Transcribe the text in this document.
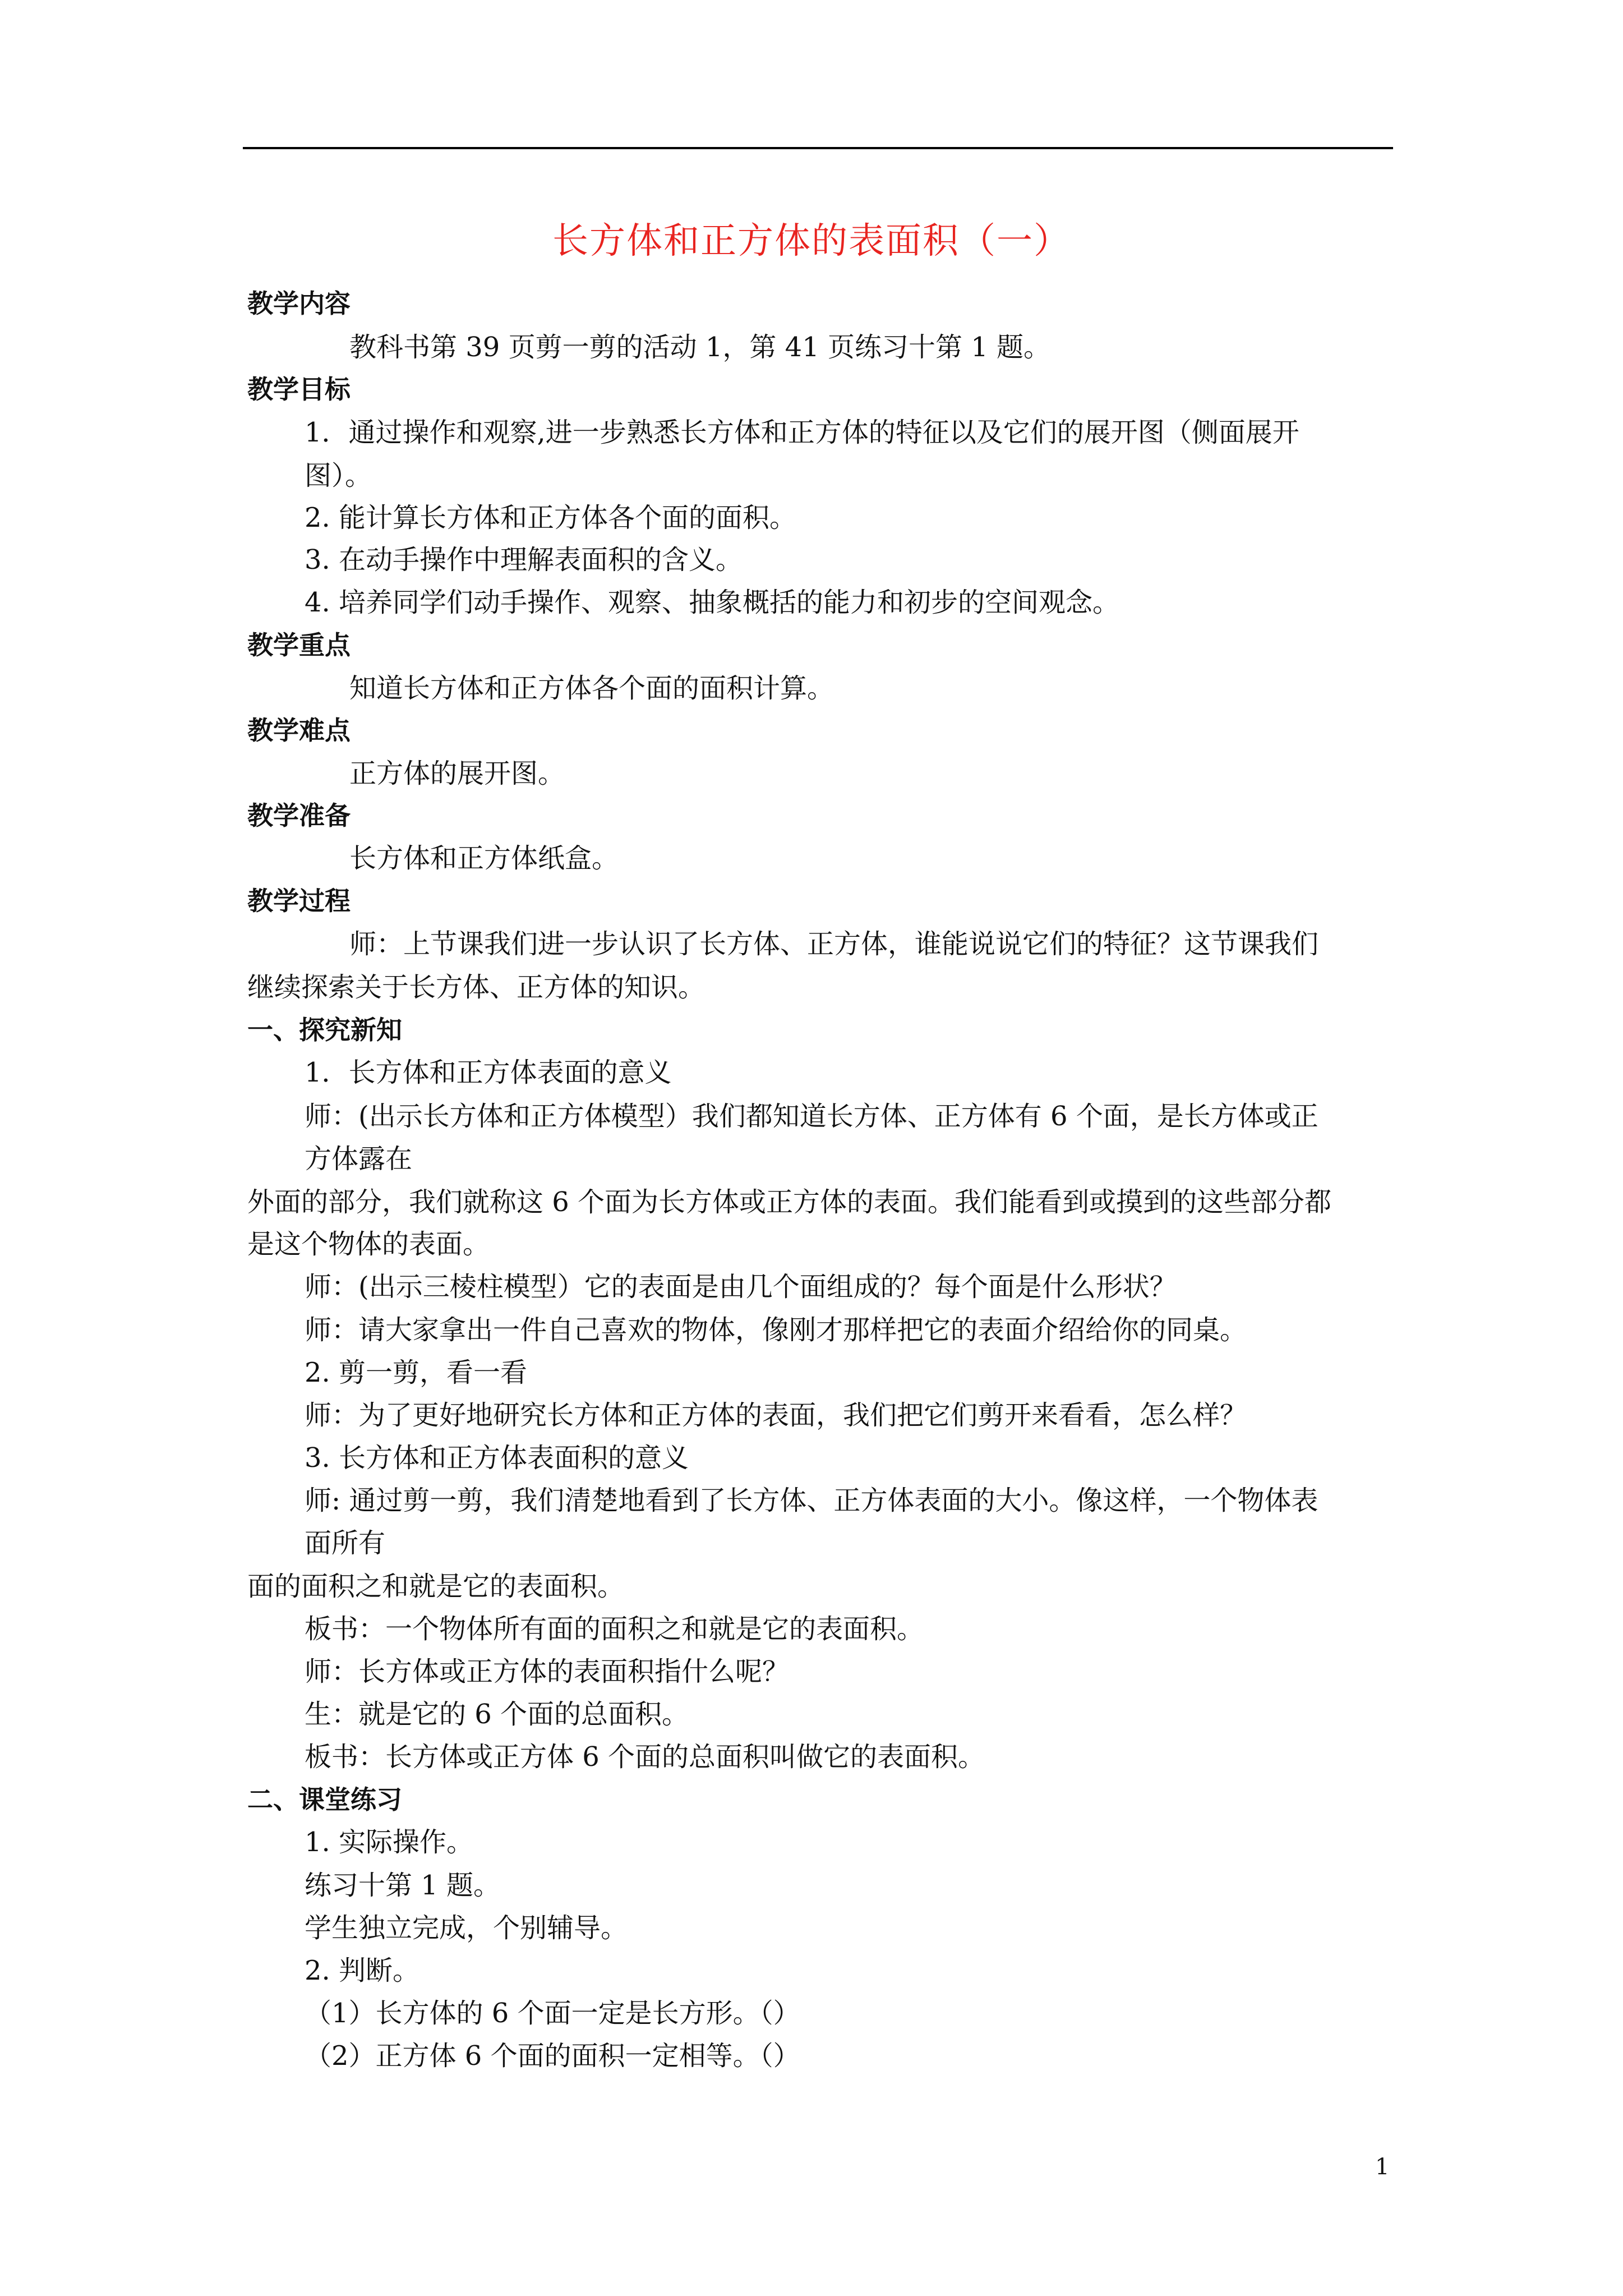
长方体和正方体的表面积（一）
教学内容
教科书第 39 页剪一剪的活动 1，第 41 页练习十第 1 题。
教学目标
1．通过操作和观察,进一步熟悉长方体和正方体的特征以及它们的展开图（侧面展开
图）。
2. 能计算长方体和正方体各个面的面积。
3. 在动手操作中理解表面积的含义。
4. 培养同学们动手操作、观察、抽象概括的能力和初步的空间观念。
教学重点
知道长方体和正方体各个面的面积计算。
教学难点
正方体的展开图。
教学准备
长方体和正方体纸盒。
教学过程
师：上节课我们进一步认识了长方体、正方体，谁能说说它们的特征？这节课我们
继续探索关于长方体、正方体的知识。
一、探究新知
1．长方体和正方体表面的意义
师：(出示长方体和正方体模型）我们都知道长方体、正方体有 6 个面，是长方体或正
方体露在
外面的部分，我们就称这 6 个面为长方体或正方体的表面。我们能看到或摸到的这些部分都
是这个物体的表面。
师：(出示三棱柱模型）它的表面是由几个面组成的？每个面是什么形状？
师：请大家拿出一件自己喜欢的物体，像刚才那样把它的表面介绍给你的同桌。
2. 剪一剪，看一看
师：为了更好地研究长方体和正方体的表面，我们把它们剪开来看看，怎么样？
3. 长方体和正方体表面积的意义
师: 通过剪一剪，我们清楚地看到了长方体、正方体表面的大小。像这样，一个物体表
面所有
面的面积之和就是它的表面积。
板书：一个物体所有面的面积之和就是它的表面积。
师：长方体或正方体的表面积指什么呢？
生：就是它的 6 个面的总面积。
板书：长方体或正方体 6 个面的总面积叫做它的表面积。
二、课堂练习
1. 实际操作。
练习十第 1 题。
学生独立完成，个别辅导。
2. 判断。
（1）长方体的 6 个面一定是长方形。（）
（2）正方体 6 个面的面积一定相等。（）
1
